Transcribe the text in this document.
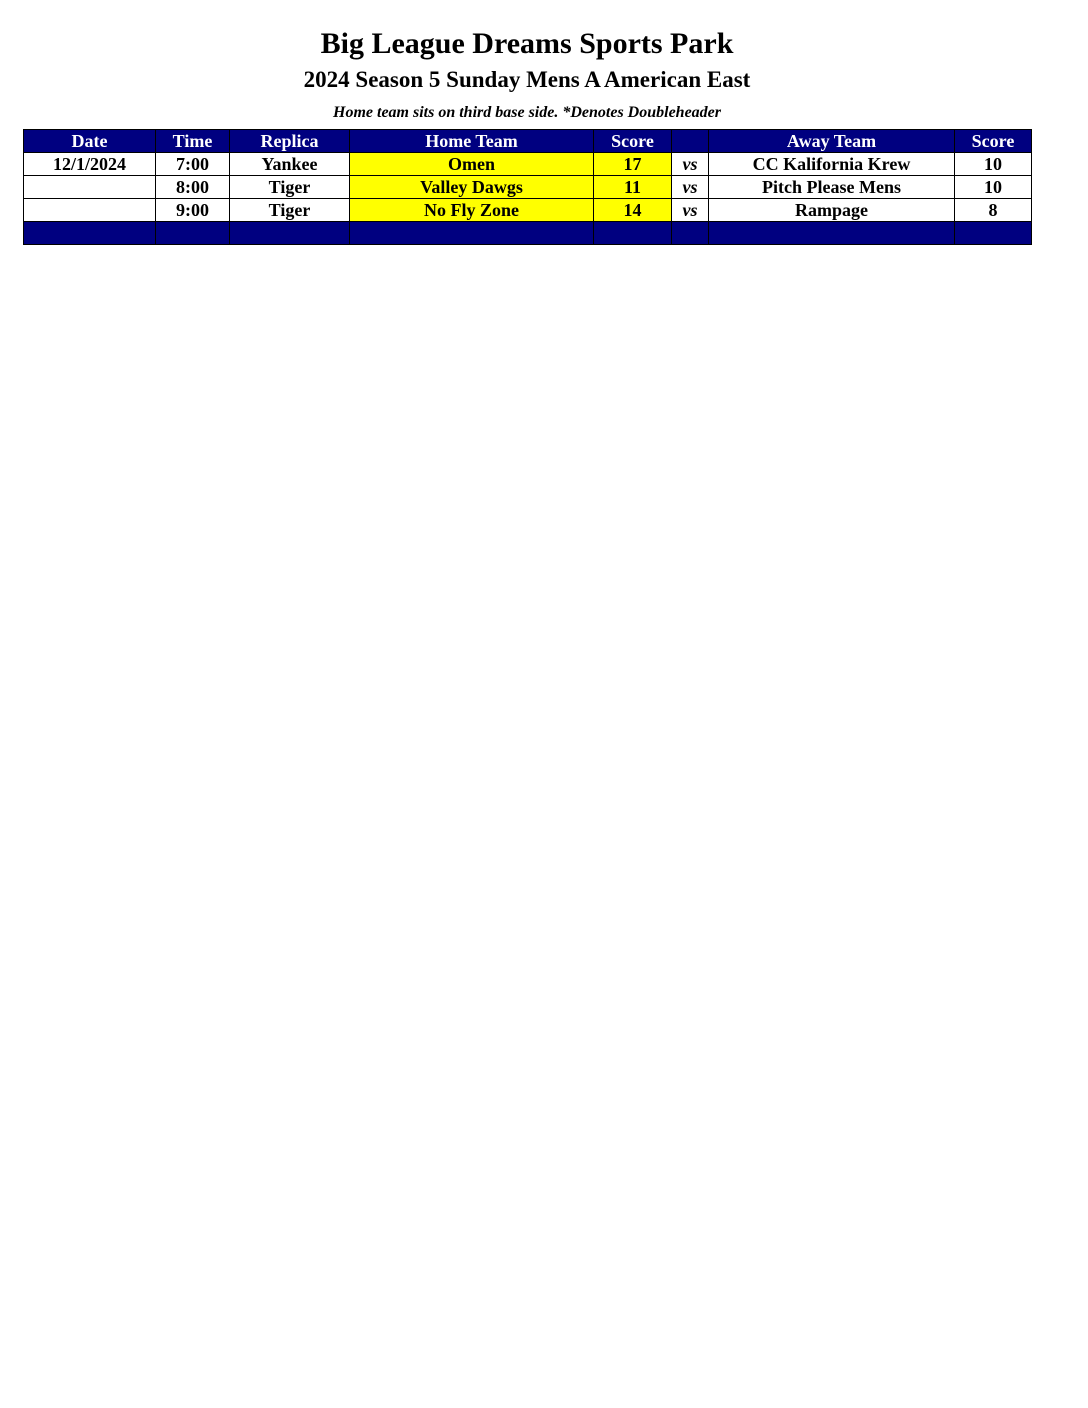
Big League Dreams Sports Park
2024 Season 5 Sunday Mens A American East
Home team sits on third base side. *Denotes Doubleheader
Date	Time	Replica	Home Team	Score		Away Team	Score
12/1/2024	7:00	Yankee	Omen	17	vs	CC Kalifornia Krew	10
	8:00	Tiger	Valley Dawgs	11	vs	Pitch Please Mens	10
	9:00	Tiger	No Fly Zone	14	vs	Rampage	8
